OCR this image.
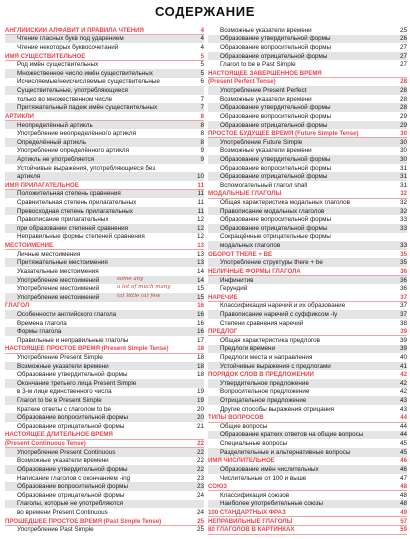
СОДЕРЖАНИЕ
АНГЛИЙСКИЙ АЛФАВИТ И ПРАВИЛА ЧТЕНИЯ	4
Чтение гласных букв под ударением	4
Чтение некоторых буквосочетаний	4
ИМЯ СУЩЕСТВИТЕЛЬНОЕ	5
Род имён существительных	5
Множественное число имён существительных	5
Исчисляемые/неисчисляемые существительные	6
Существительные, употребляющиеся
только во множественном числе	7
Притяжательный падеж имён существительных	7
АРТИКЛИ	8
Неопределённый артикль	8
Употребление неопределённого артикля	8
Определённый артикль	8
Употребление определённого артикля	9
Артикль не употребляется	9
Устойчивые выражения, употребляющиеся без
артикля	10
ИМЯ ПРИЛАГАТЕЛЬНОЕ	11
Положительная степень сравнения	11
Сравнительная степень прилагательных	11
Превосходная степень прилагательных	11
Правописание прилагательных	12
при образовании степеней сравнения	12
Неправильные формы степеней сравнения	12
МЕСТОИМЕНИЕ	13
Личные местоимения	13
Притяжательные местоимения	13
Указательные местоимения	14
Употребление местоимений	14
Употребление местоимений	15
Употребление местоимений	15
ГЛАГОЛ	16
Особенности английского глагола	16
Времена глагола	16
Формы глагола	16
Правильные и неправильные глаголы	17
НАСТОЯЩЕЕ ПРОСТОЕ ВРЕМЯ (Present Simple Tense)	18
Употребление Present Simple	18
Возможные указатели времени	18
Образование утвердительной формы	18
Окончание третьего лица Present Simple
в 3-м лице единственного числа	19
Глагол to be в Present Simple	19
Краткие ответы с глаголом to be	20
Образование вопросительной формы	20
Образование отрицательной формы	21
НАСТОЯЩЕЕ ДЛИТЕЛЬНОЕ ВРЕМЯ
(Present Continuous Tense)	22
Употребление Present Continuous	22
Возможные указатели времени	22
Образование утвердительной формы	22
Написание глаголов с окончанием -ing	23
Образование вопросительной формы	23
Образование отрицательной формы	24
Глаголы, которые не употребляются
во времени Present Continuous	24
ПРОШЕДШЕЕ ПРОСТОЕ ВРЕМЯ (Past Simple Tense)	25
Употребление Past Simple	25
some any
a lot of much many
(a) little (a) few
Возможные указатели времени	25
Образование утвердительной формы	26
Образование вопросительной формы	27
Образование отрицательной формы	27
Глагол to be в Past Simple	27
НАСТОЯЩЕЕ ЗАВЕРШЁННОЕ ВРЕМЯ
(Present Perfect Tense)	28
Употребление Present Perfect	28
Возможные указатели времени	28
Образование утвердительной формы	28
Образование вопросительной формы	29
Образование отрицательной формы	29
ПРОСТОЕ БУДУЩЕЕ ВРЕМЯ (Future Simple Tense)	30
Употребление Future Simple	30
Возможные указатели времени	30
Образование утвердительной формы	30
Образование вопросительной формы	31
Образование отрицательной формы	31
Вспомогательный глагол shall	31
МОДАЛЬНЫЕ ГЛАГОЛЫ	32
Общая характеристика модальных глаголов	32
Правописание модальных глаголов	32
Образование вопросительной формы	33
Образование отрицательной формы	33
Сокращённые отрицательные формы
модальных глаголов	33
ОБОРОТ THERE + BE	35
Употребление структуры there + be	35
НЕЛИЧНЫЕ ФОРМЫ ГЛАГОЛА	36
Инфинитив	36
Герундий	36
НАРЕЧИЕ	37
Классификация наречий и их образование	37
Правописание наречий с суффиксом -ly	37
Степени сравнения наречий	38
ПРЕДЛОГ	39
Общая характеристика предлогов	39
Предлоги времени	39
Предлоги места и направления	40
Устойчивые выражения с предлогами	41
ПОРЯДОК СЛОВ В ПРЕДЛОЖЕНИИ	42
Утвердительное предложение	42
Вопросительное предложение	42
Отрицательное предложение	43
Другие способы выражения отрицания	43
ТИПЫ ВОПРОСОВ	44
Общие вопросы	44
Образование кратких ответов на общие вопросы	44
Специальные вопросы	45
Разделительные и альтернативные вопросы	45
ИМЯ ЧИСЛИТЕЛЬНОЕ	46
Образование имён числительных	46
Числительные от 100 и выше	47
СОЮЗ	48
Классификация союзов	48
Наиболее употребительные союзы	48
100 СТАНДАРТНЫХ ФРАЗ	49
НЕПРАВИЛЬНЫЕ ГЛАГОЛЫ	57
80 ГЛАГОЛОВ В КАРТИНКАХ	59
